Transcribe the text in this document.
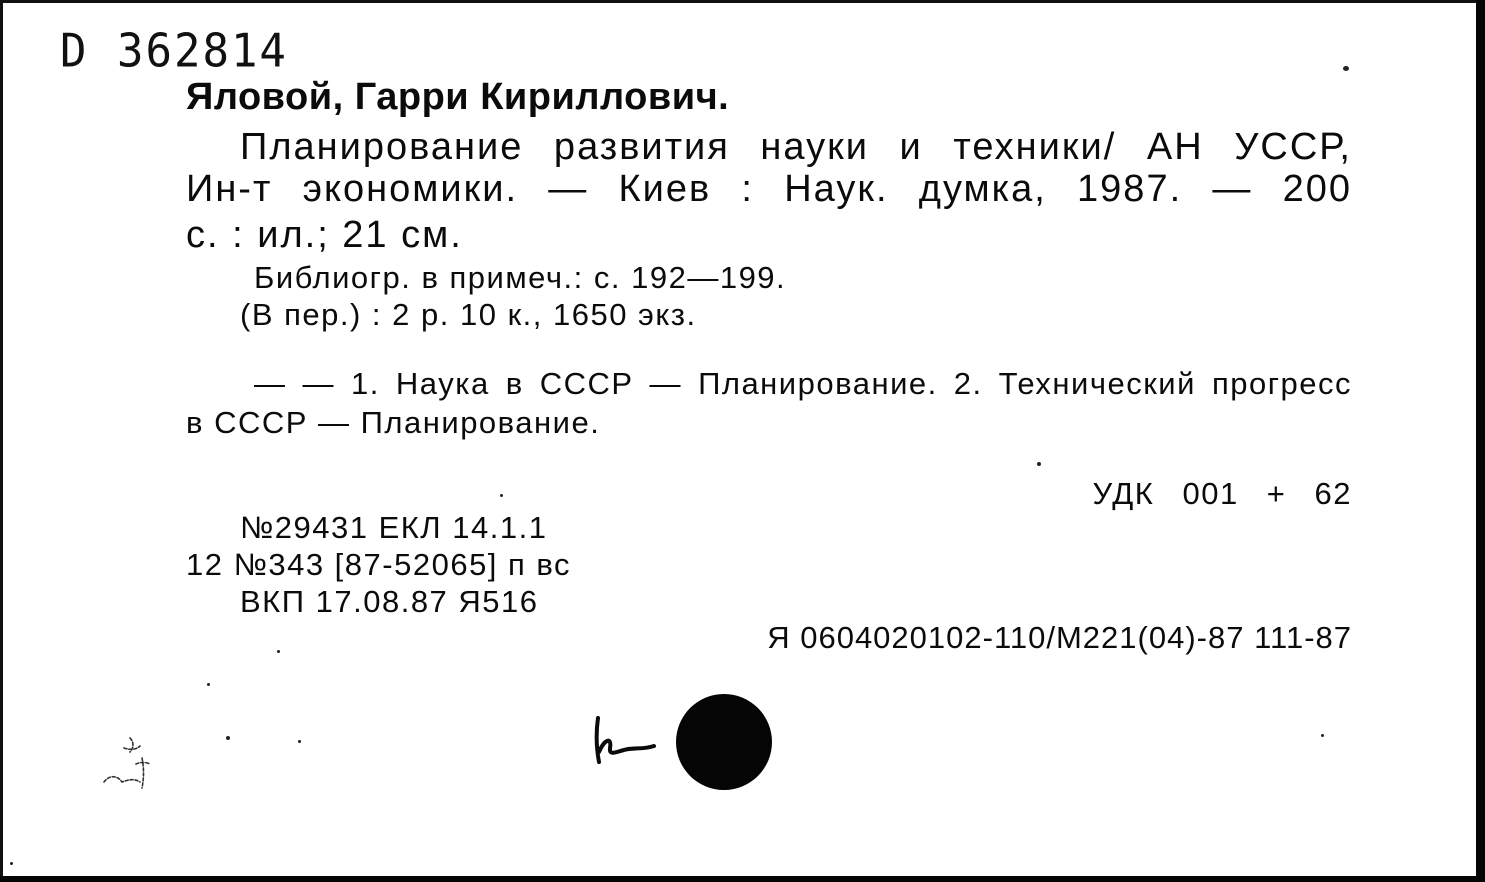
D 362814
Яловой, Гарри Кириллович.
Планирование развития науки и техники/ АН УССР,
Ин-т экономики. — Киев : Наук. думка, 1987. — 200
с. : ил.; 21 см.
Библиогр. в примеч.: с. 192—199.
(В пер.) : 2 р. 10 к., 1650 экз.
— — 1. Наука в СССР — Планирование. 2. Технический прогресс
в СССР — Планирование.
УДК 001 + 62
№29431 ЕКЛ 14.1.1
12 №343 [87-52065] п вс
ВКП 17.08.87 Я516
Я 0604020102-110/М221(04)-87 111-87
